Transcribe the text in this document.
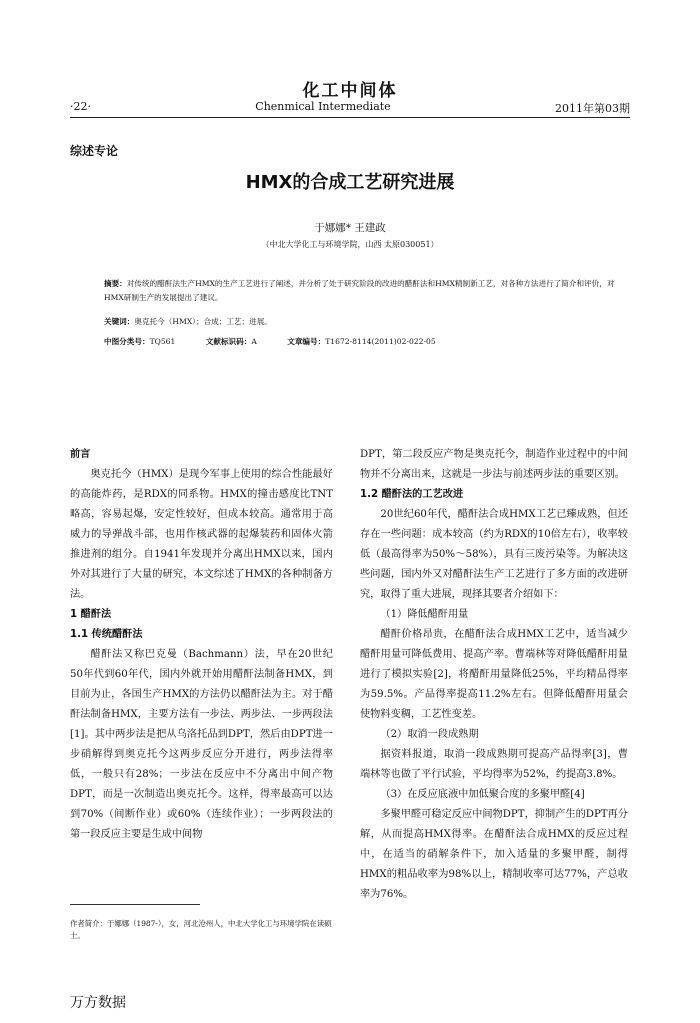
化工中间体
·22·	Chenmical Intermediate	2011年第03期
综述专论
HMX的合成工艺研究进展
于娜娜* 王建政
（中北大学化工与环境学院，山西 太原030051）
摘要：对传统的醋酐法生产HMX的生产工艺进行了阐述，并分析了处于研究阶段的改进的醋酐法和HMX精制新工艺，对各种方法进行了简介和评价，对HMX研制生产的发展提出了建议。
关键词：奥克托今（HMX）；合成；工艺；进展。
中图分类号：TQ561	文献标识码：A	文章编号：T1672-8114(2011)02-022-05
前言

奥克托今（HMX）是现今军事上使用的综合性能最好的高能炸药，是RDX的同系物。HMX的撞击感度比TNT略高，容易起爆，安定性较好，但成本较高。通常用于高威力的导弹战斗部，也用作核武器的起爆装药和固体火箭推进剂的组分。自1941年发现并分离出HMX以来，国内外对其进行了大量的研究，本文综述了HMX的各种制备方法。

1 醋酐法
1.1 传统醋酐法

醋酐法又称巴克曼（Bachmann）法，早在20世纪50年代到60年代，国内外就开始用醋酐法制备HMX，到目前为止，各国生产HMX的方法仍以醋酐法为主。对于醋酐法制备HMX，主要方法有一步法、两步法、一步两段法[1]。其中两步法是把从乌洛托品到DPT，然后由DPT进一步硝解得到奥克托今这两步反应分开进行，两步法得率低，一般只有28%；一步法在反应中不分离出中间产物DPT，而是一次制造出奥克托今。这样，得率最高可以达到70%（间断作业）或60%（连续作业）；一步两段法的第一段反应主要是生成中间物

DPT，第二段反应产物是奥克托今，制造作业过程中的中间物并不分离出来，这就是一步法与前述两步法的重要区别。

1.2 醋酐法的工艺改进

20世纪60年代，醋酐法合成HMX工艺已臻成熟，但还存在一些问题：成本较高（约为RDX的10倍左右），收率较低（最高得率为50%～58%），具有三废污染等。为解决这些问题，国内外又对醋酐法生产工艺进行了多方面的改进研究，取得了重大进展，现择其要者介绍如下：

（1）降低醋酐用量

醋酐价格昂贵，在醋酐法合成HMX工艺中，适当减少醋酐用量可降低费用、提高产率。曹端林等对降低醋酐用量进行了模拟实验[2]，将醋酐用量降低25%，平均精品得率为59.5%。产品得率提高11.2%左右。但降低醋酐用量会使物料变稠，工艺性变差。

（2）取消一段成熟期

据资料报道，取消一段成熟期可提高产品得率[3]，曹端林等也做了平行试验，平均得率为52%，约提高3.8%。

（3）在反应底液中加低聚合度的多聚甲醛[4]

多聚甲醛可稳定反应中间物DPT，抑制产生的DPT再分解，从而提高HMX得率。在醋酐法合成HMX的反应过程中，在适当的硝解条件下，加入适量的多聚甲醛，制得HMX的粗品收率为98%以上，精制收率可达77%，产总收率为76%。

作者简介：于娜娜（1987-），女，河北沧州人，中北大学化工与环境学院在读硕士。
万方数据
